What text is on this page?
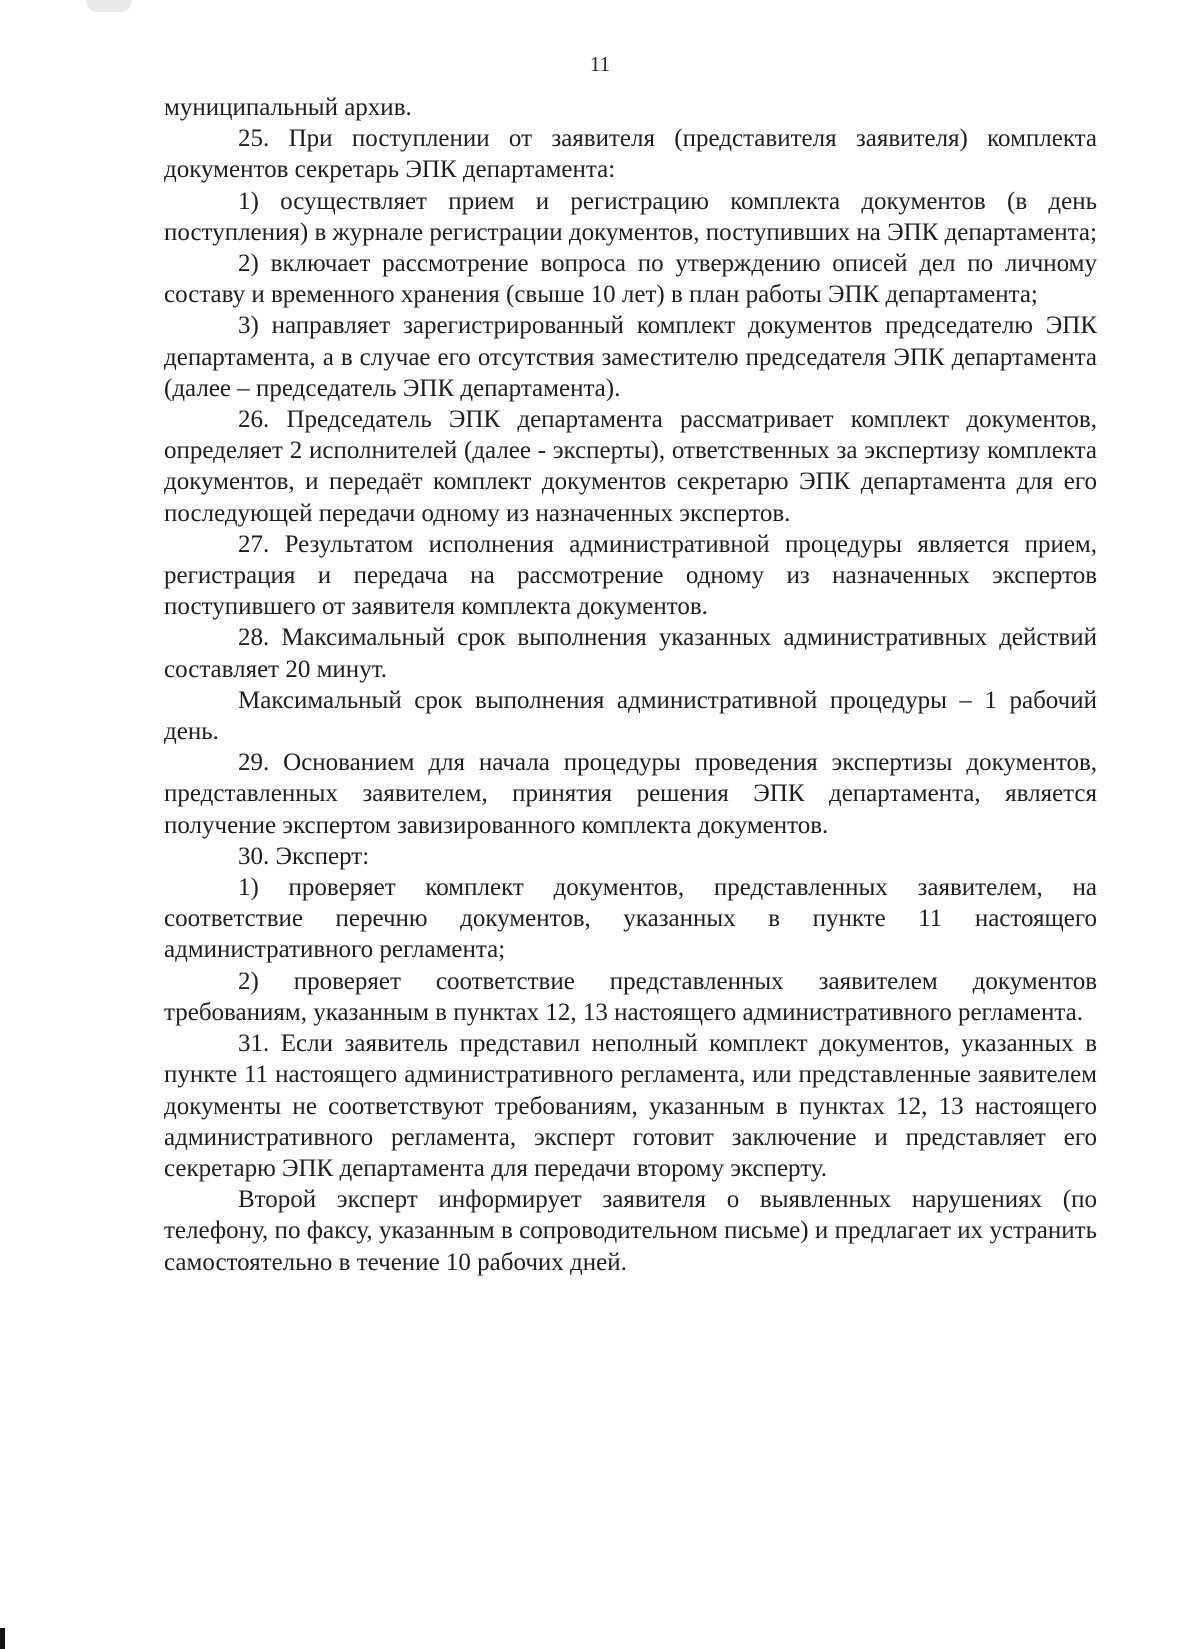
11

муниципальный архив.

25. При поступлении от заявителя (представителя заявителя) комплекта документов секретарь ЭПК департамента:

1) осуществляет прием и регистрацию комплекта документов (в день поступления) в журнале регистрации документов, поступивших на ЭПК департамента;

2) включает рассмотрение вопроса по утверждению описей дел по личному составу и временного хранения (свыше 10 лет) в план работы ЭПК департамента;

3) направляет зарегистрированный комплект документов председателю ЭПК департамента, а в случае его отсутствия заместителю председателя ЭПК департамента (далее – председатель ЭПК департамента).

26. Председатель ЭПК департамента рассматривает комплект документов, определяет 2 исполнителей (далее - эксперты), ответственных за экспертизу комплекта документов, и передаёт комплект документов секретарю ЭПК департамента для его последующей передачи одному из назначенных экспертов.

27. Результатом исполнения административной процедуры является прием, регистрация и передача на рассмотрение одному из назначенных экспертов поступившего от заявителя комплекта документов.

28. Максимальный срок выполнения указанных административных действий составляет 20 минут.

Максимальный срок выполнения административной процедуры – 1 рабочий день.

29. Основанием для начала процедуры проведения экспертизы документов, представленных заявителем, принятия решения ЭПК департамента, является получение экспертом завизированного комплекта документов.

30. Эксперт:

1) проверяет комплект документов, представленных заявителем, на соответствие перечню документов, указанных в пункте 11 настоящего административного регламента;

2) проверяет соответствие представленных заявителем документов требованиям, указанным в пунктах 12, 13 настоящего административного регламента.

31. Если заявитель представил неполный комплект документов, указанных в пункте 11 настоящего административного регламента, или представленные заявителем документы не соответствуют требованиям, указанным в пунктах 12, 13 настоящего административного регламента, эксперт готовит заключение и представляет его секретарю ЭПК департамента для передачи второму эксперту.

Второй эксперт информирует заявителя о выявленных нарушениях (по телефону, по факсу, указанным в сопроводительном письме) и предлагает их устранить самостоятельно в течение 10 рабочих дней.
